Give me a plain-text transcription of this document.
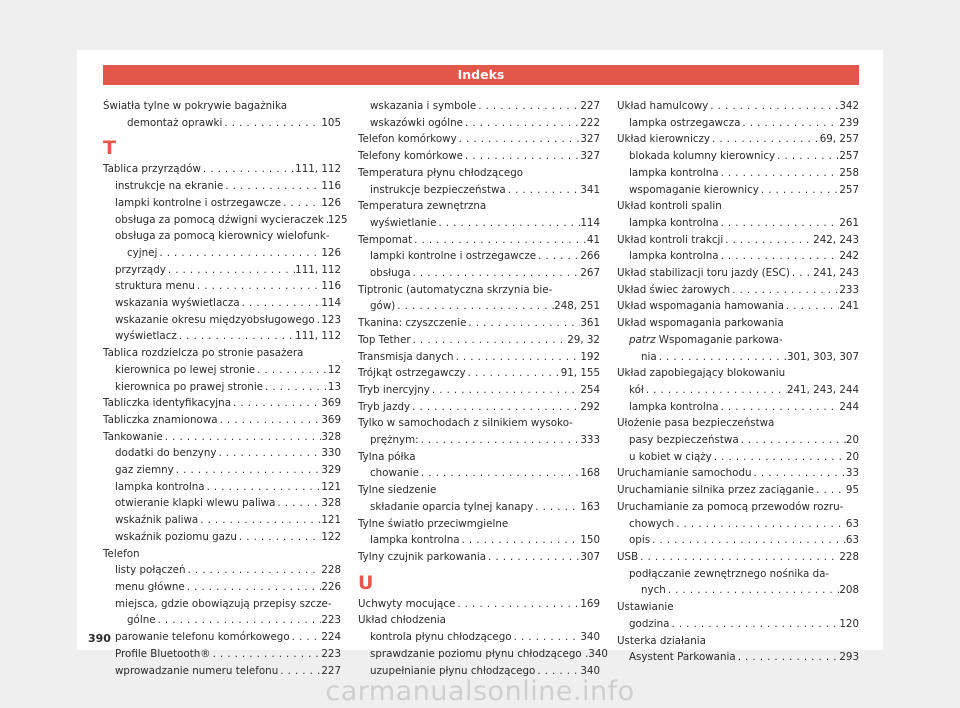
Indeks
Światła tylne w pokrywie bagażnika
demontaż oprawki . . .	105
T
Tablica przyrządów . . .	111, 112
instrukcje na ekranie . . .	116
lampki kontrolne i ostrzegawcze . . .	126
obsługa za pomocą dźwigni wycieraczek . . . 125
obsługa za pomocą kierownicy wielofunk-
cyjnej . . .	126
przyrządy . . .	111, 112
struktura menu . . .	116
wskazania wyświetlacza . . .	114
wskazanie okresu międzyobsługowego . . . 123
wyświetlacz . . .	111, 112
Tablica rozdzielcza po stronie pasażera
kierownica po lewej stronie . . .	12
kierownica po prawej stronie . . .	13
Tabliczka identyfikacyjna . . .	369
Tabliczka znamionowa . . .	369
Tankowanie . . .	328
dodatki do benzyny . . .	330
gaz ziemny . . .	329
lampka kontrolna . . .	121
otwieranie klapki wlewu paliwa . . .	328
wskaźnik paliwa . . .	121
wskaźnik poziomu gazu . . .	122
Telefon
listy połączeń . . .	228
menu główne . . .	226
miejsca, gdzie obowiązują przepisy szcze-
gólne . . .	223
parowanie telefonu komórkowego . . .	224
Profile Bluetooth® . . .	223
wprowadzanie numeru telefonu . . .	227
wskazania i symbole . . .	227
wskazówki ogólne . . .	222
Telefon komórkowy . . .	327
Telefony komórkowe . . .	327
Temperatura płynu chłodzącego
instrukcje bezpieczeństwa . . .	341
Temperatura zewnętrzna
wyświetlanie . . .	114
Tempomat . . .	41
lampki kontrolne i ostrzegawcze . . .	266
obsługa . . .	267
Tiptronic (automatyczna skrzynia bie-
gów) . . .	248, 251
Tkanina: czyszczenie . . .	361
Top Tether . . .	29, 32
Transmisja danych . . .	192
Trójkąt ostrzegawczy . . .	91, 155
Tryb inercyjny . . .	254
Tryb jazdy . . .	292
Tylko w samochodach z silnikiem wysoko-
prężnym: . . .	333
Tylna półka
chowanie . . .	168
Tylne siedzenie
składanie oparcia tylnej kanapy . . .	163
Tylne światło przeciwmgielne
lampka kontrolna . . .	150
Tylny czujnik parkowania . . .	307
U
Uchwyty mocujące . . .	169
Układ chłodzenia
kontrola płynu chłodzącego . . .	340
sprawdzanie poziomu płynu chłodzącego . 340
uzupełnianie płynu chłodzącego . . .	340
Układ hamulcowy . . .	342
lampka ostrzegawcza . . .	239
Układ kierowniczy . . .	69, 257
blokada kolumny kierownicy . . .	257
lampka kontrolna . . .	258
wspomaganie kierownicy . . .	257
Układ kontroli spalin
lampka kontrolna . . .	261
Układ kontroli trakcji . . .	242, 243
lampka kontrolna . . .	242
Układ stabilizacji toru jazdy (ESC) . . . 241, 243
Układ świec żarowych . . .	233
Układ wspomagania hamowania . . .	241
Układ wspomagania parkowania
patrz Wspomaganie parkowa-
nia . . .	301, 303, 307
Układ zapobiegający blokowaniu
kół . . .	241, 243, 244
lampka kontrolna . . .	244
Ułożenie pasa bezpieczeństwa
pasy bezpieczeństwa . . .	20
u kobiet w ciąży . . .	20
Uruchamianie samochodu . . .	33
Uruchamianie silnika przez zaciąganie . . .	95
Uruchamianie za pomocą przewodów rozru-
chowych . . .	63
opis . . .	63
USB . . .	228
podłączanie zewnętrznego nośnika da-
nych . . .	208
Ustawianie
godzina . . .	120
Usterka działania
Asystent Parkowania . . .	293
390
carmanualsonline.info
